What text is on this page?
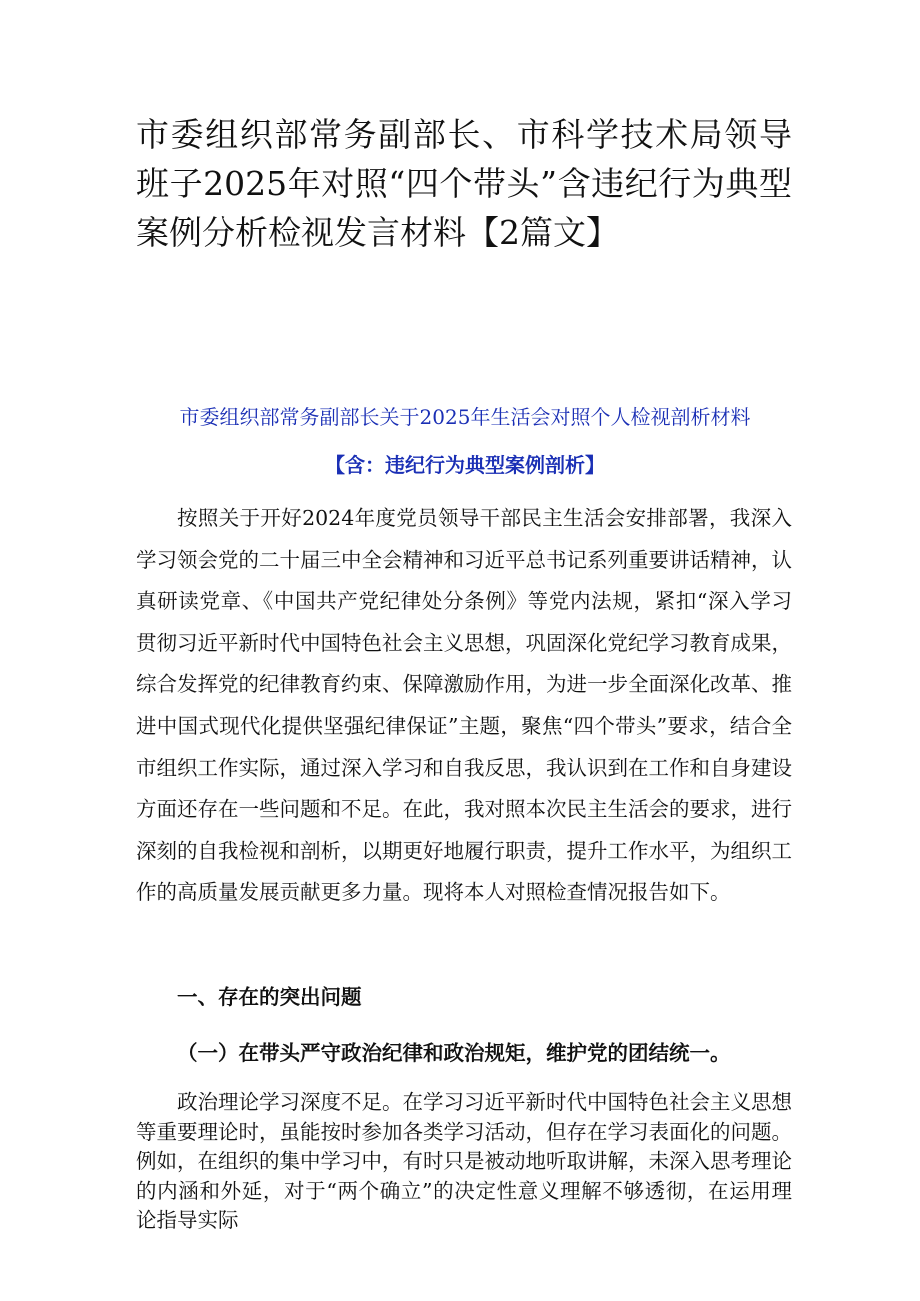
市委组织部常务副部长、市科学技术局领导班子2025年对照“四个带头”含违纪行为典型案例分析检视发言材料【2篇文】

市委组织部常务副部长关于2025年生活会对照个人检视剖析材料

【含：违纪行为典型案例剖析】

按照关于开好2024年度党员领导干部民主生活会安排部署，我深入学习领会党的二十届三中全会精神和习近平总书记系列重要讲话精神，认真研读党章、《中国共产党纪律处分条例》等党内法规，紧扣“深入学习贯彻习近平新时代中国特色社会主义思想，巩固深化党纪学习教育成果，综合发挥党的纪律教育约束、保障激励作用，为进一步全面深化改革、推进中国式现代化提供坚强纪律保证”主题，聚焦“四个带头”要求，结合全市组织工作实际，通过深入学习和自我反思，我认识到在工作和自身建设方面还存在一些问题和不足。在此，我对照本次民主生活会的要求，进行深刻的自我检视和剖析，以期更好地履行职责，提升工作水平，为组织工作的高质量发展贡献更多力量。现将本人对照检查情况报告如下。

一、存在的突出问题

（一）在带头严守政治纪律和政治规矩，维护党的团结统一。

政治理论学习深度不足。在学习习近平新时代中国特色社会主义思想等重要理论时，虽能按时参加各类学习活动，但存在学习表面化的问题。例如，在组织的集中学习中，有时只是被动地听取讲解，未深入思考理论的内涵和外延，对于“两个确立”的决定性意义理解不够透彻，在运用理论指导实际
